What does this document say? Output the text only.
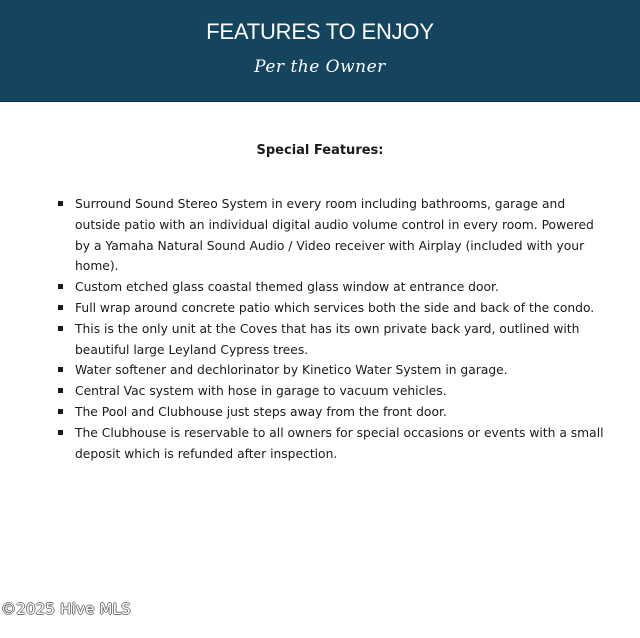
FEATURES TO ENJOY
Per the Owner
Special Features:
Surround Sound Stereo System in every room including bathrooms, garage and outside patio with an individual digital audio volume control in every room. Powered by a Yamaha Natural Sound Audio / Video receiver with Airplay (included with your home).
Custom etched glass coastal themed glass window at entrance door.
Full wrap around concrete patio which services both the side and back of the condo.
This is the only unit at the Coves that has its own private back yard, outlined with beautiful large Leyland Cypress trees.
Water softener and dechlorinator by Kinetico Water System in garage.
Central Vac system with hose in garage to vacuum vehicles.
The Pool and Clubhouse just steps away from the front door.
The Clubhouse is reservable to all owners for special occasions or events with a small deposit which is refunded after inspection.
©2025 Hive MLS
